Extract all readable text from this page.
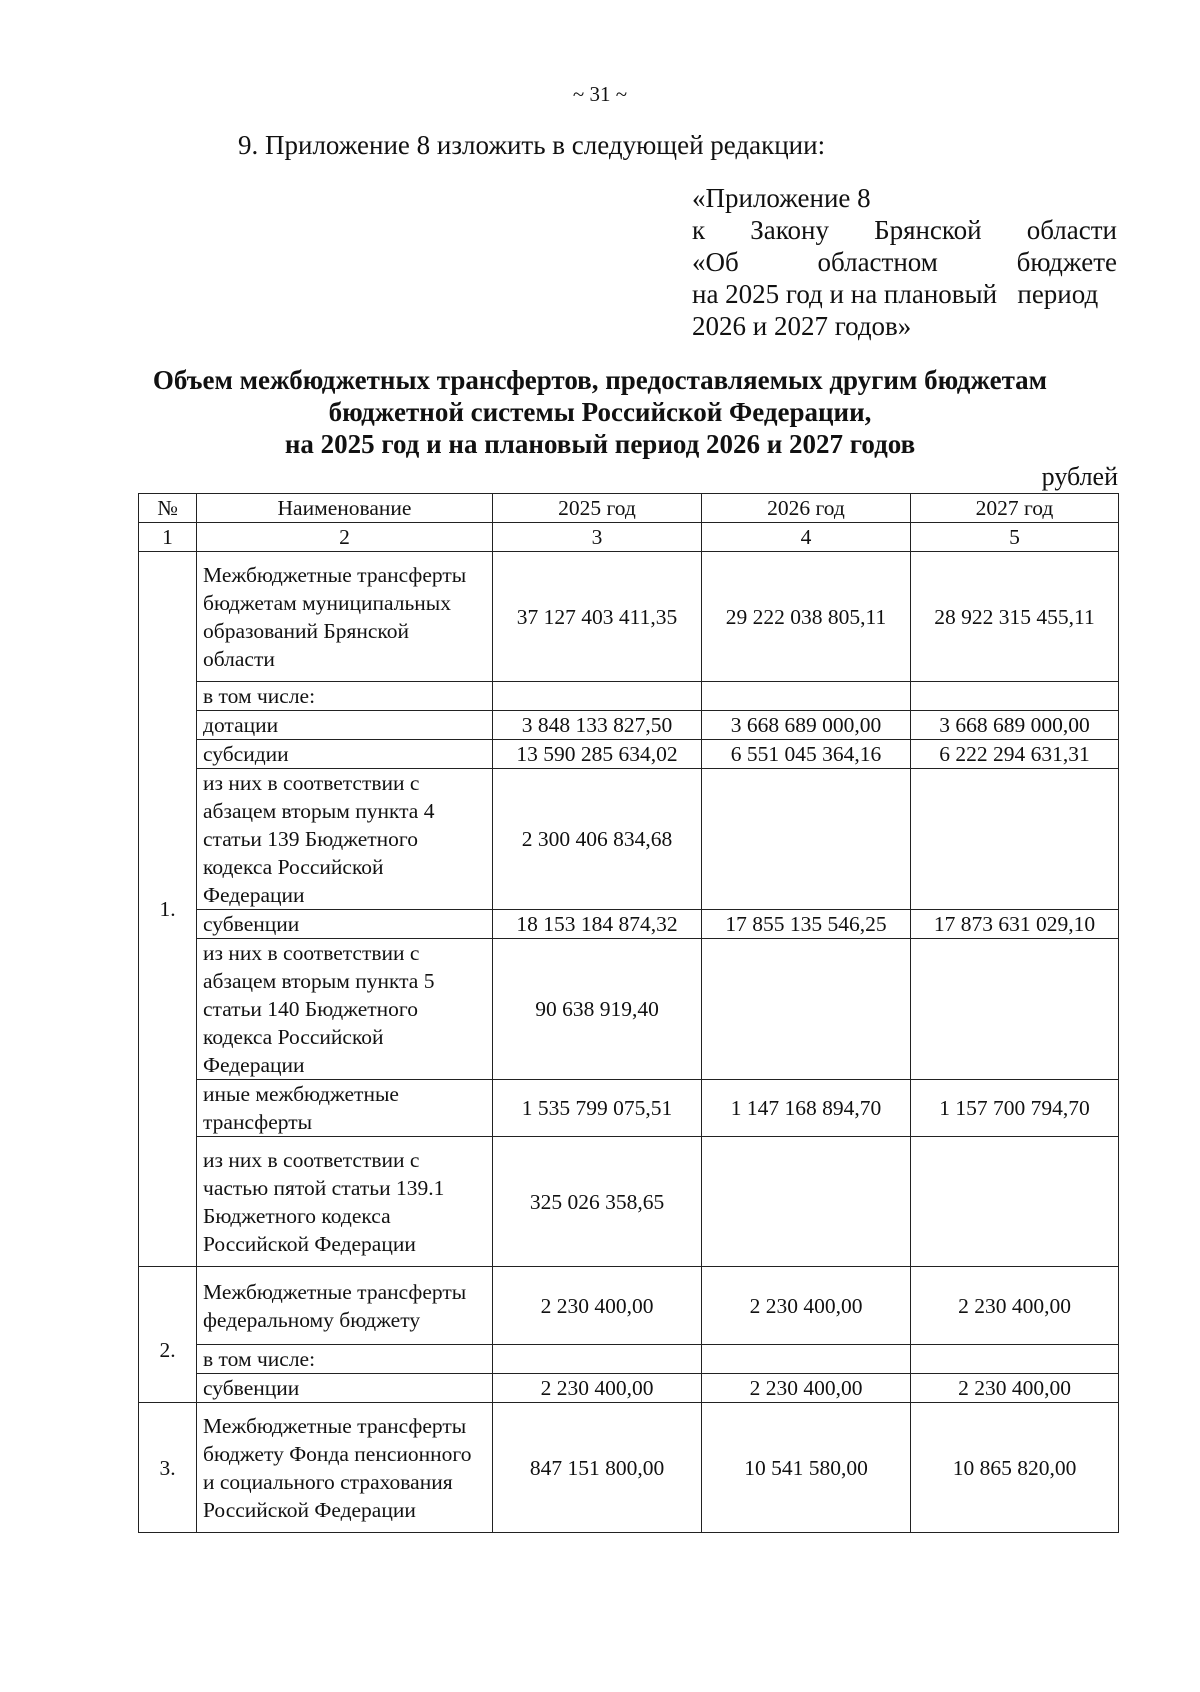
~ 31 ~
9. Приложение 8 изложить в следующей редакции:
«Приложение 8
к Закону Брянской области
«Об	областном	бюджете
на 2025 год и на плановый   период
2026 и 2027 годов»
Объем межбюджетных трансфертов, предоставляемых другим бюджетам
бюджетной системы Российской Федерации,
на 2025 год и на плановый период 2026 и 2027 годов
рублей
№	Наименование	2025 год	2026 год	2027 год
1	2	3	4	5
1.	Межбюджетные трансферты бюджетам муниципальных образований Брянской области	37 127 403 411,35	29 222 038 805,11	28 922 315 455,11
	в том числе:			
	дотации	3 848 133 827,50	3 668 689 000,00	3 668 689 000,00
	субсидии	13 590 285 634,02	6 551 045 364,16	6 222 294 631,31
	из них в соответствии с абзацем вторым пункта 4 статьи 139 Бюджетного кодекса Российской Федерации	2 300 406 834,68		
	субвенции	18 153 184 874,32	17 855 135 546,25	17 873 631 029,10
	из них в соответствии с абзацем вторым пункта 5 статьи 140 Бюджетного кодекса Российской Федерации	90 638 919,40		
	иные межбюджетные трансферты	1 535 799 075,51	1 147 168 894,70	1 157 700 794,70
	из них в соответствии с частью пятой статьи 139.1 Бюджетного кодекса Российской Федерации	325 026 358,65		
2.	Межбюджетные трансферты федеральному бюджету	2 230 400,00	2 230 400,00	2 230 400,00
	в том числе:			
	субвенции	2 230 400,00	2 230 400,00	2 230 400,00
3.	Межбюджетные трансферты бюджету Фонда пенсионного и социального страхования Российской Федерации	847 151 800,00	10 541 580,00	10 865 820,00
